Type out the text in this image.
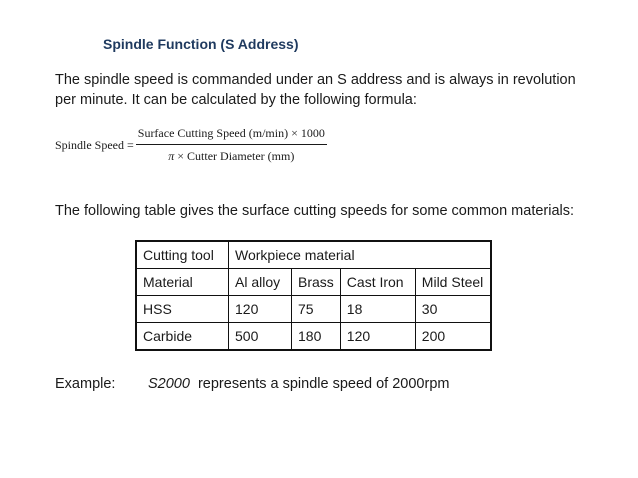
Spindle Function (S Address)
The spindle speed is commanded under an S address and is always in revolution
per minute. It can be calculated by the following formula:
Spindle Speed = $\frac{\text{Surface Cutting Speed (m/min) × 1000}}{\text{π × Cutter Diameter (mm)}}$
The following table gives the surface cutting speeds for some common materials:
Cutting tool	Workpiece material			
Material	Al alloy	Brass	Cast Iron	Mild Steel
HSS	120	75	18	30
Carbide	500	180	120	200
Example: S2000 represents a spindle speed of 2000rpm
